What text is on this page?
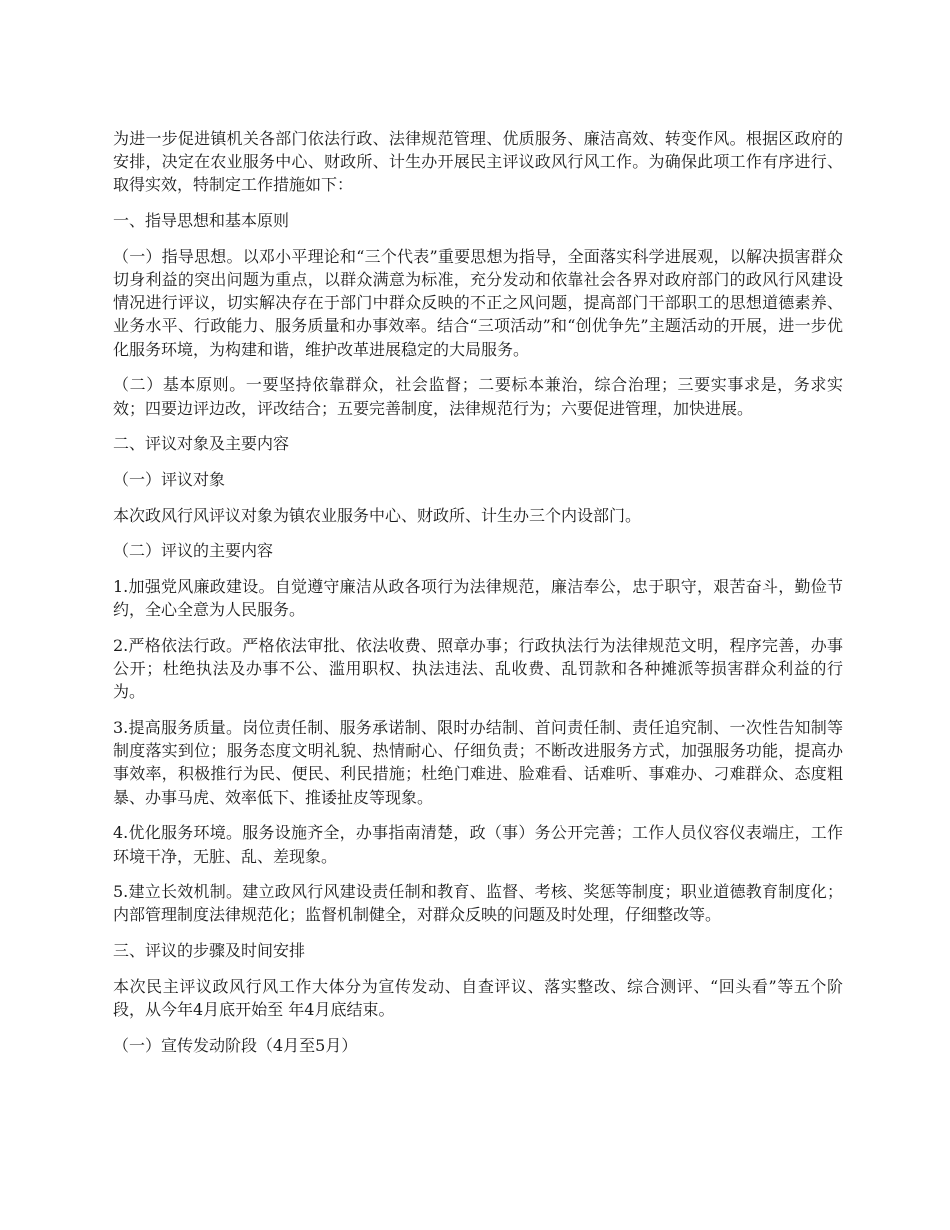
为进一步促进镇机关各部门依法行政、法律规范管理、优质服务、廉洁高效、转变作风。根据区政府的安排，决定在农业服务中心、财政所、计生办开展民主评议政风行风工作。为确保此项工作有序进行、取得实效，特制定工作措施如下：

一、指导思想和基本原则

（一）指导思想。以邓小平理论和“三个代表”重要思想为指导，全面落实科学进展观，以解决损害群众切身利益的突出问题为重点，以群众满意为标准，充分发动和依靠社会各界对政府部门的政风行风建设情况进行评议，切实解决存在于部门中群众反映的不正之风问题，提高部门干部职工的思想道德素养、业务水平、行政能力、服务质量和办事效率。结合“三项活动”和“创优争先”主题活动的开展，进一步优化服务环境，为构建和谐，维护改革进展稳定的大局服务。

（二）基本原则。一要坚持依靠群众，社会监督；二要标本兼治，综合治理；三要实事求是，务求实效；四要边评边改，评改结合；五要完善制度，法律规范行为；六要促进管理，加快进展。

二、评议对象及主要内容

（一）评议对象

本次政风行风评议对象为镇农业服务中心、财政所、计生办三个内设部门。

（二）评议的主要内容

1.加强党风廉政建设。自觉遵守廉洁从政各项行为法律规范，廉洁奉公，忠于职守，艰苦奋斗，勤俭节约，全心全意为人民服务。

2.严格依法行政。严格依法审批、依法收费、照章办事；行政执法行为法律规范文明，程序完善，办事公开；杜绝执法及办事不公、滥用职权、执法违法、乱收费、乱罚款和各种摊派等损害群众利益的行为。

3.提高服务质量。岗位责任制、服务承诺制、限时办结制、首问责任制、责任追究制、一次性告知制等制度落实到位；服务态度文明礼貌、热情耐心、仔细负责；不断改进服务方式，加强服务功能，提高办事效率，积极推行为民、便民、利民措施；杜绝门难进、脸难看、话难听、事难办、刁难群众、态度粗暴、办事马虎、效率低下、推诿扯皮等现象。

4.优化服务环境。服务设施齐全，办事指南清楚，政（事）务公开完善；工作人员仪容仪表端庄，工作环境干净，无脏、乱、差现象。

5.建立长效机制。建立政风行风建设责任制和教育、监督、考核、奖惩等制度；职业道德教育制度化；内部管理制度法律规范化；监督机制健全，对群众反映的问题及时处理，仔细整改等。

三、评议的步骤及时间安排

本次民主评议政风行风工作大体分为宣传发动、自查评议、落实整改、综合测评、“回头看”等五个阶段，从今年4月底开始至 年4月底结束。

（一）宣传发动阶段（4月至5月）
